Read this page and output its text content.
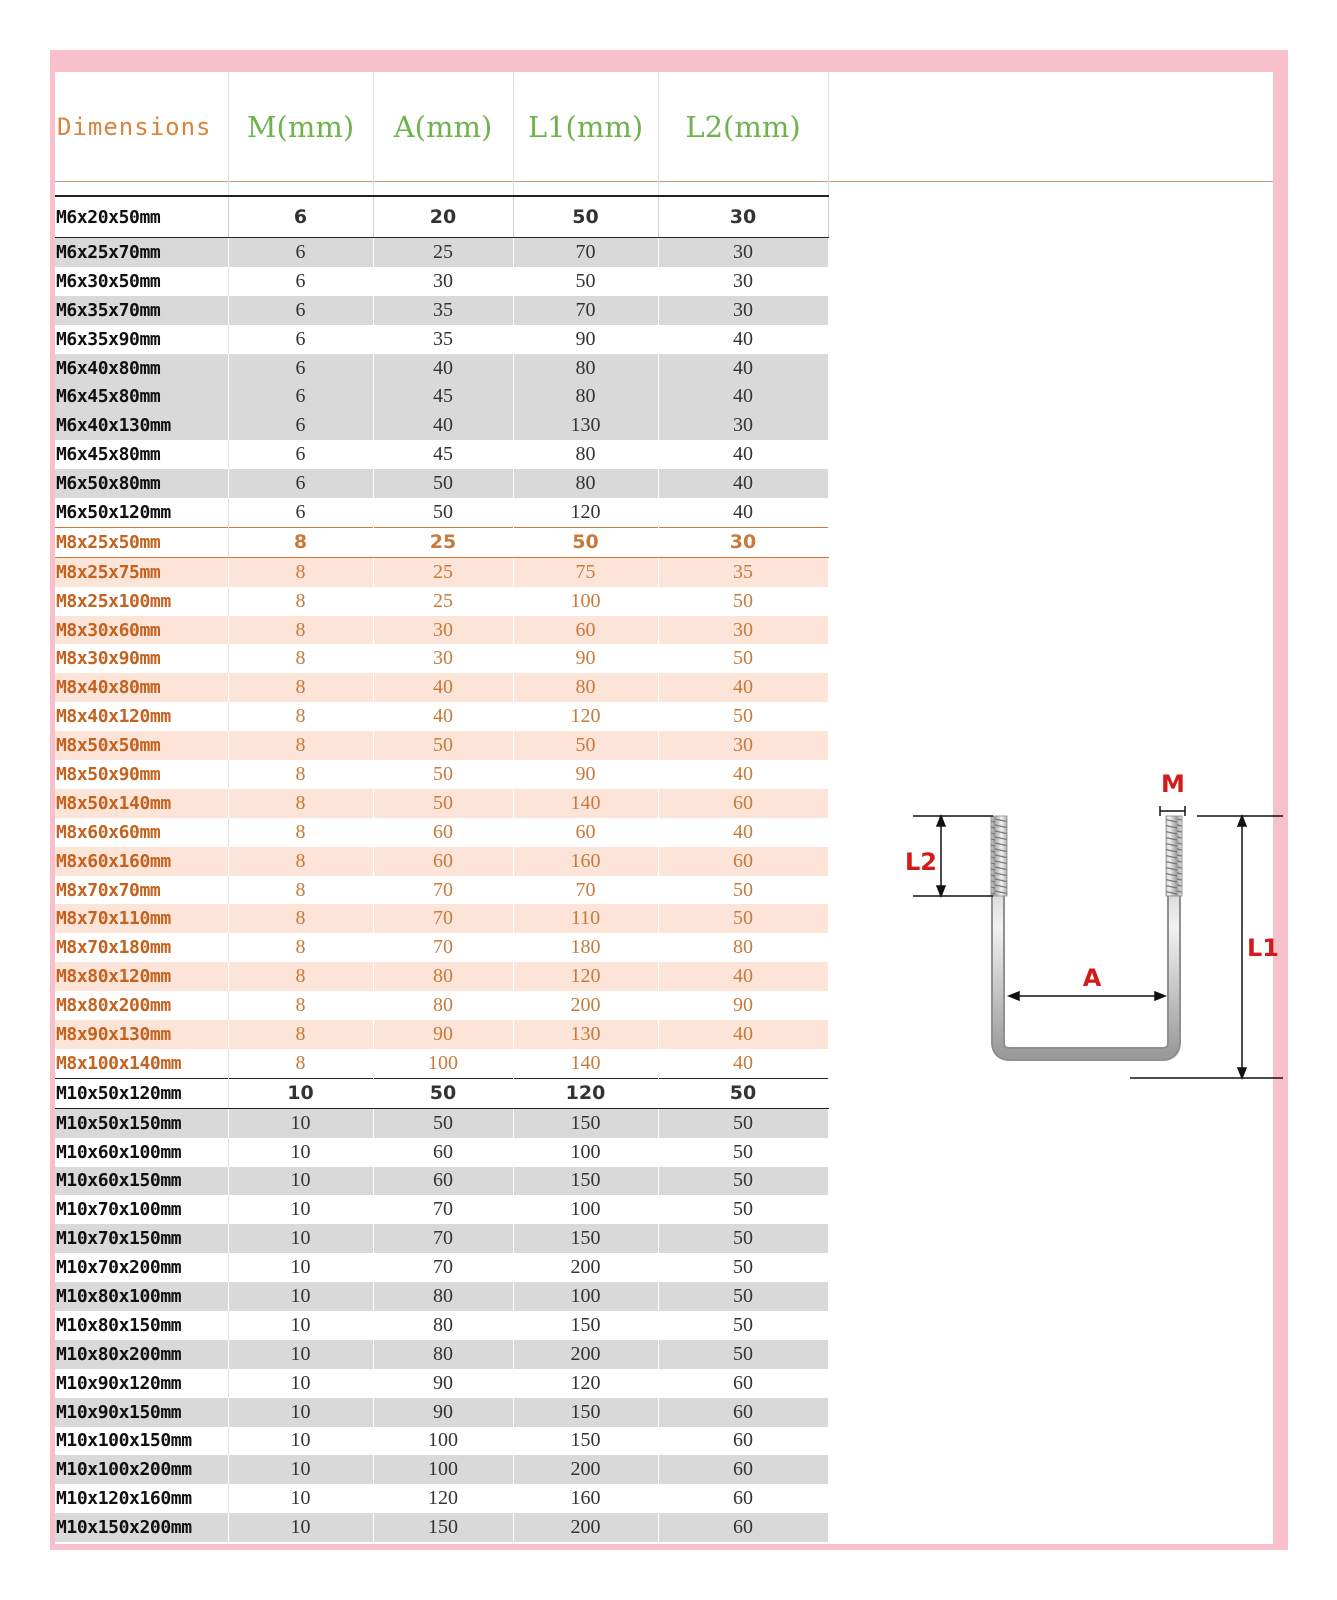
Dimensions	M(mm)	A(mm)	L1(mm)	L2(mm)
M6x20x50mm	6	20	50	30
M6x25x70mm	6	25	70	30
M6x30x50mm	6	30	50	30
M6x35x70mm	6	35	70	30
M6x35x90mm	6	35	90	40
M6x40x80mm	6	40	80	40
M6x45x80mm	6	45	80	40
M6x40x130mm	6	40	130	30
M6x45x80mm	6	45	80	40
M6x50x80mm	6	50	80	40
M6x50x120mm	6	50	120	40
M8x25x50mm	8	25	50	30
M8x25x75mm	8	25	75	35
M8x25x100mm	8	25	100	50
M8x30x60mm	8	30	60	30
M8x30x90mm	8	30	90	50
M8x40x80mm	8	40	80	40
M8x40x120mm	8	40	120	50
M8x50x50mm	8	50	50	30
M8x50x90mm	8	50	90	40
M8x50x140mm	8	50	140	60
M8x60x60mm	8	60	60	40
M8x60x160mm	8	60	160	60
M8x70x70mm	8	70	70	50
M8x70x110mm	8	70	110	50
M8x70x180mm	8	70	180	80
M8x80x120mm	8	80	120	40
M8x80x200mm	8	80	200	90
M8x90x130mm	8	90	130	40
M8x100x140mm	8	100	140	40
M10x50x120mm	10	50	120	50
M10x50x150mm	10	50	150	50
M10x60x100mm	10	60	100	50
M10x60x150mm	10	60	150	50
M10x70x100mm	10	70	100	50
M10x70x150mm	10	70	150	50
M10x70x200mm	10	70	200	50
M10x80x100mm	10	80	100	50
M10x80x150mm	10	80	150	50
M10x80x200mm	10	80	200	50
M10x90x120mm	10	90	120	60
M10x90x150mm	10	90	150	60
M10x100x150mm	10	100	150	60
M10x100x200mm	10	100	200	60
M10x120x160mm	10	120	160	60
M10x150x200mm	10	150	200	60
M
L2
L1
A
